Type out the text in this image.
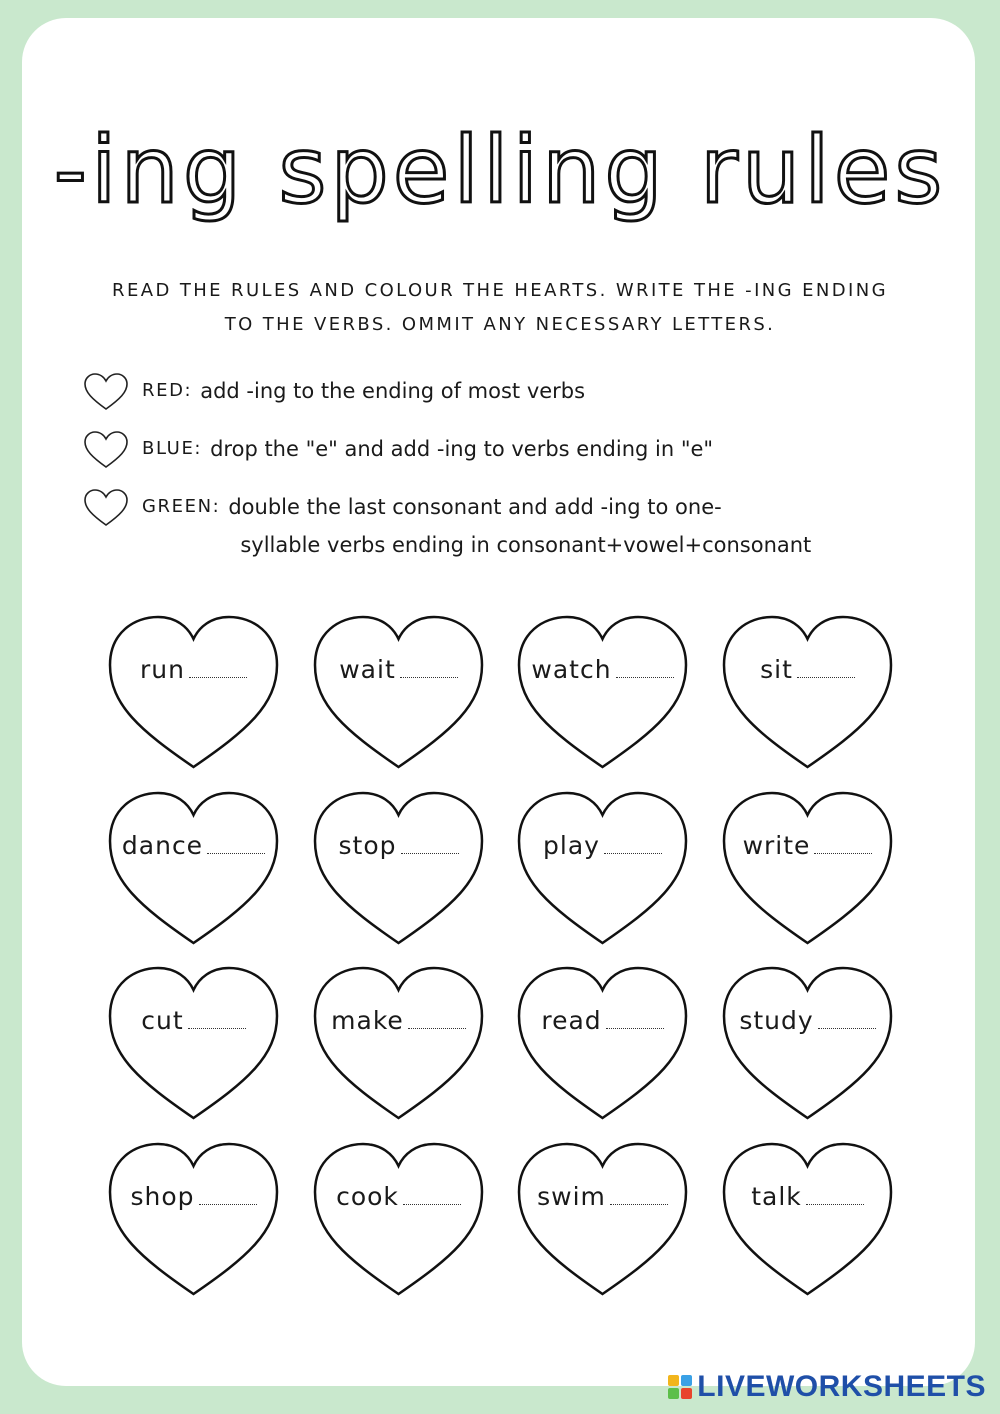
-ing spelling rules
READ THE RULES AND COLOUR THE HEARTS. WRITE THE -ING ENDING
TO THE VERBS. OMMIT ANY NECESSARY LETTERS.
RED: add -ing to the ending of most verbs
BLUE: drop the "e" and add -ing to verbs ending in "e"
GREEN: double the last consonant and add -ing to one-
syllable verbs ending in consonant+vowel+consonant
run	wait	watch	sit
dance	stop	play	write
cut	make	read	study
shop	cook	swim	talk
LIVEWORKSHEETS
